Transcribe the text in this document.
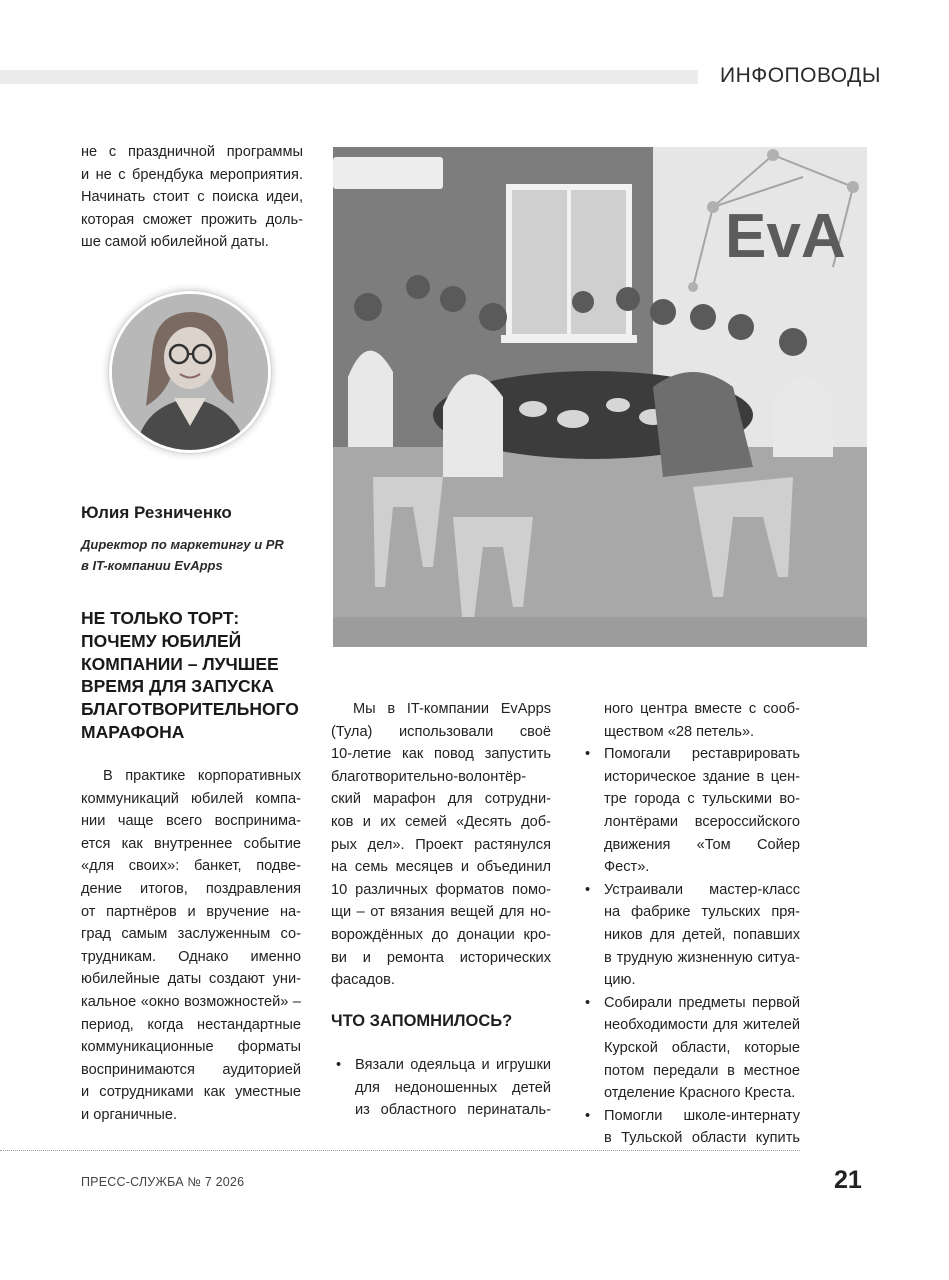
ИНФОПОВОДЫ

не с праздничной программы

и не с брендбука мероприятия.

Начинать стоит с поиска идеи,

которая сможет прожить доль-

ше самой юбилейной даты.

Юлия Резниченко
Директор по маркетингу и PR
в IT-компании EvApps
НЕ ТОЛЬКО ТОРТ:
ПОЧЕМУ ЮБИЛЕЙ
КОМПАНИИ – ЛУЧШЕЕ
ВРЕМЯ ДЛЯ ЗАПУСКА
БЛАГОТВОРИТЕЛЬНОГО
МАРАФОНА

В практике корпоративных

коммуникаций юбилей компа-

нии чаще всего воспринима-

ется как внутреннее событие

«для своих»: банкет, подве-

дение итогов, поздравления

от партнёров и вручение на-

град самым заслуженным со-

трудникам. Однако именно

юбилейные даты создают уни-

кальное «окно возможностей» –

период, когда нестандартные

коммуникационные форматы

воспринимаются аудиторией

и сотрудниками как уместные

и органичные.

EvA

Мы в IT-компании EvApps

(Тула) использовали своё

10-летие как повод запустить

благотворительно-волонтёр-

ский марафон для сотрудни-

ков и их семей «Десять доб-

рых дел». Проект растянулся

на семь месяцев и объединил

10 различных форматов помо-

щи – от вязания вещей для но-

ворождённых до донации кро-

ви и ремонта исторических

фасадов.

ЧТО ЗАПОМНИЛОСЬ?

• Вязали одеяльца и игрушки

для недоношенных детей

из областного перинаталь-

ного центра вместе с сооб-

ществом «28 петель».

• Помогали реставрировать

историческое здание в цен-

тре города с тульскими во-

лонтёрами всероссийского

движения «Том Сойер Фест».

• Устраивали мастер-класс

на фабрике тульских пря-

ников для детей, попавших

в трудную жизненную ситуа-

цию.

• Собирали предметы первой

необходимости для жителей

Курской области, которые

потом передали в местное

отделение Красного Креста.

• Помогли школе-интернату

в Тульской области купить

ПРЕСС-СЛУЖБА № 7 2026	21
